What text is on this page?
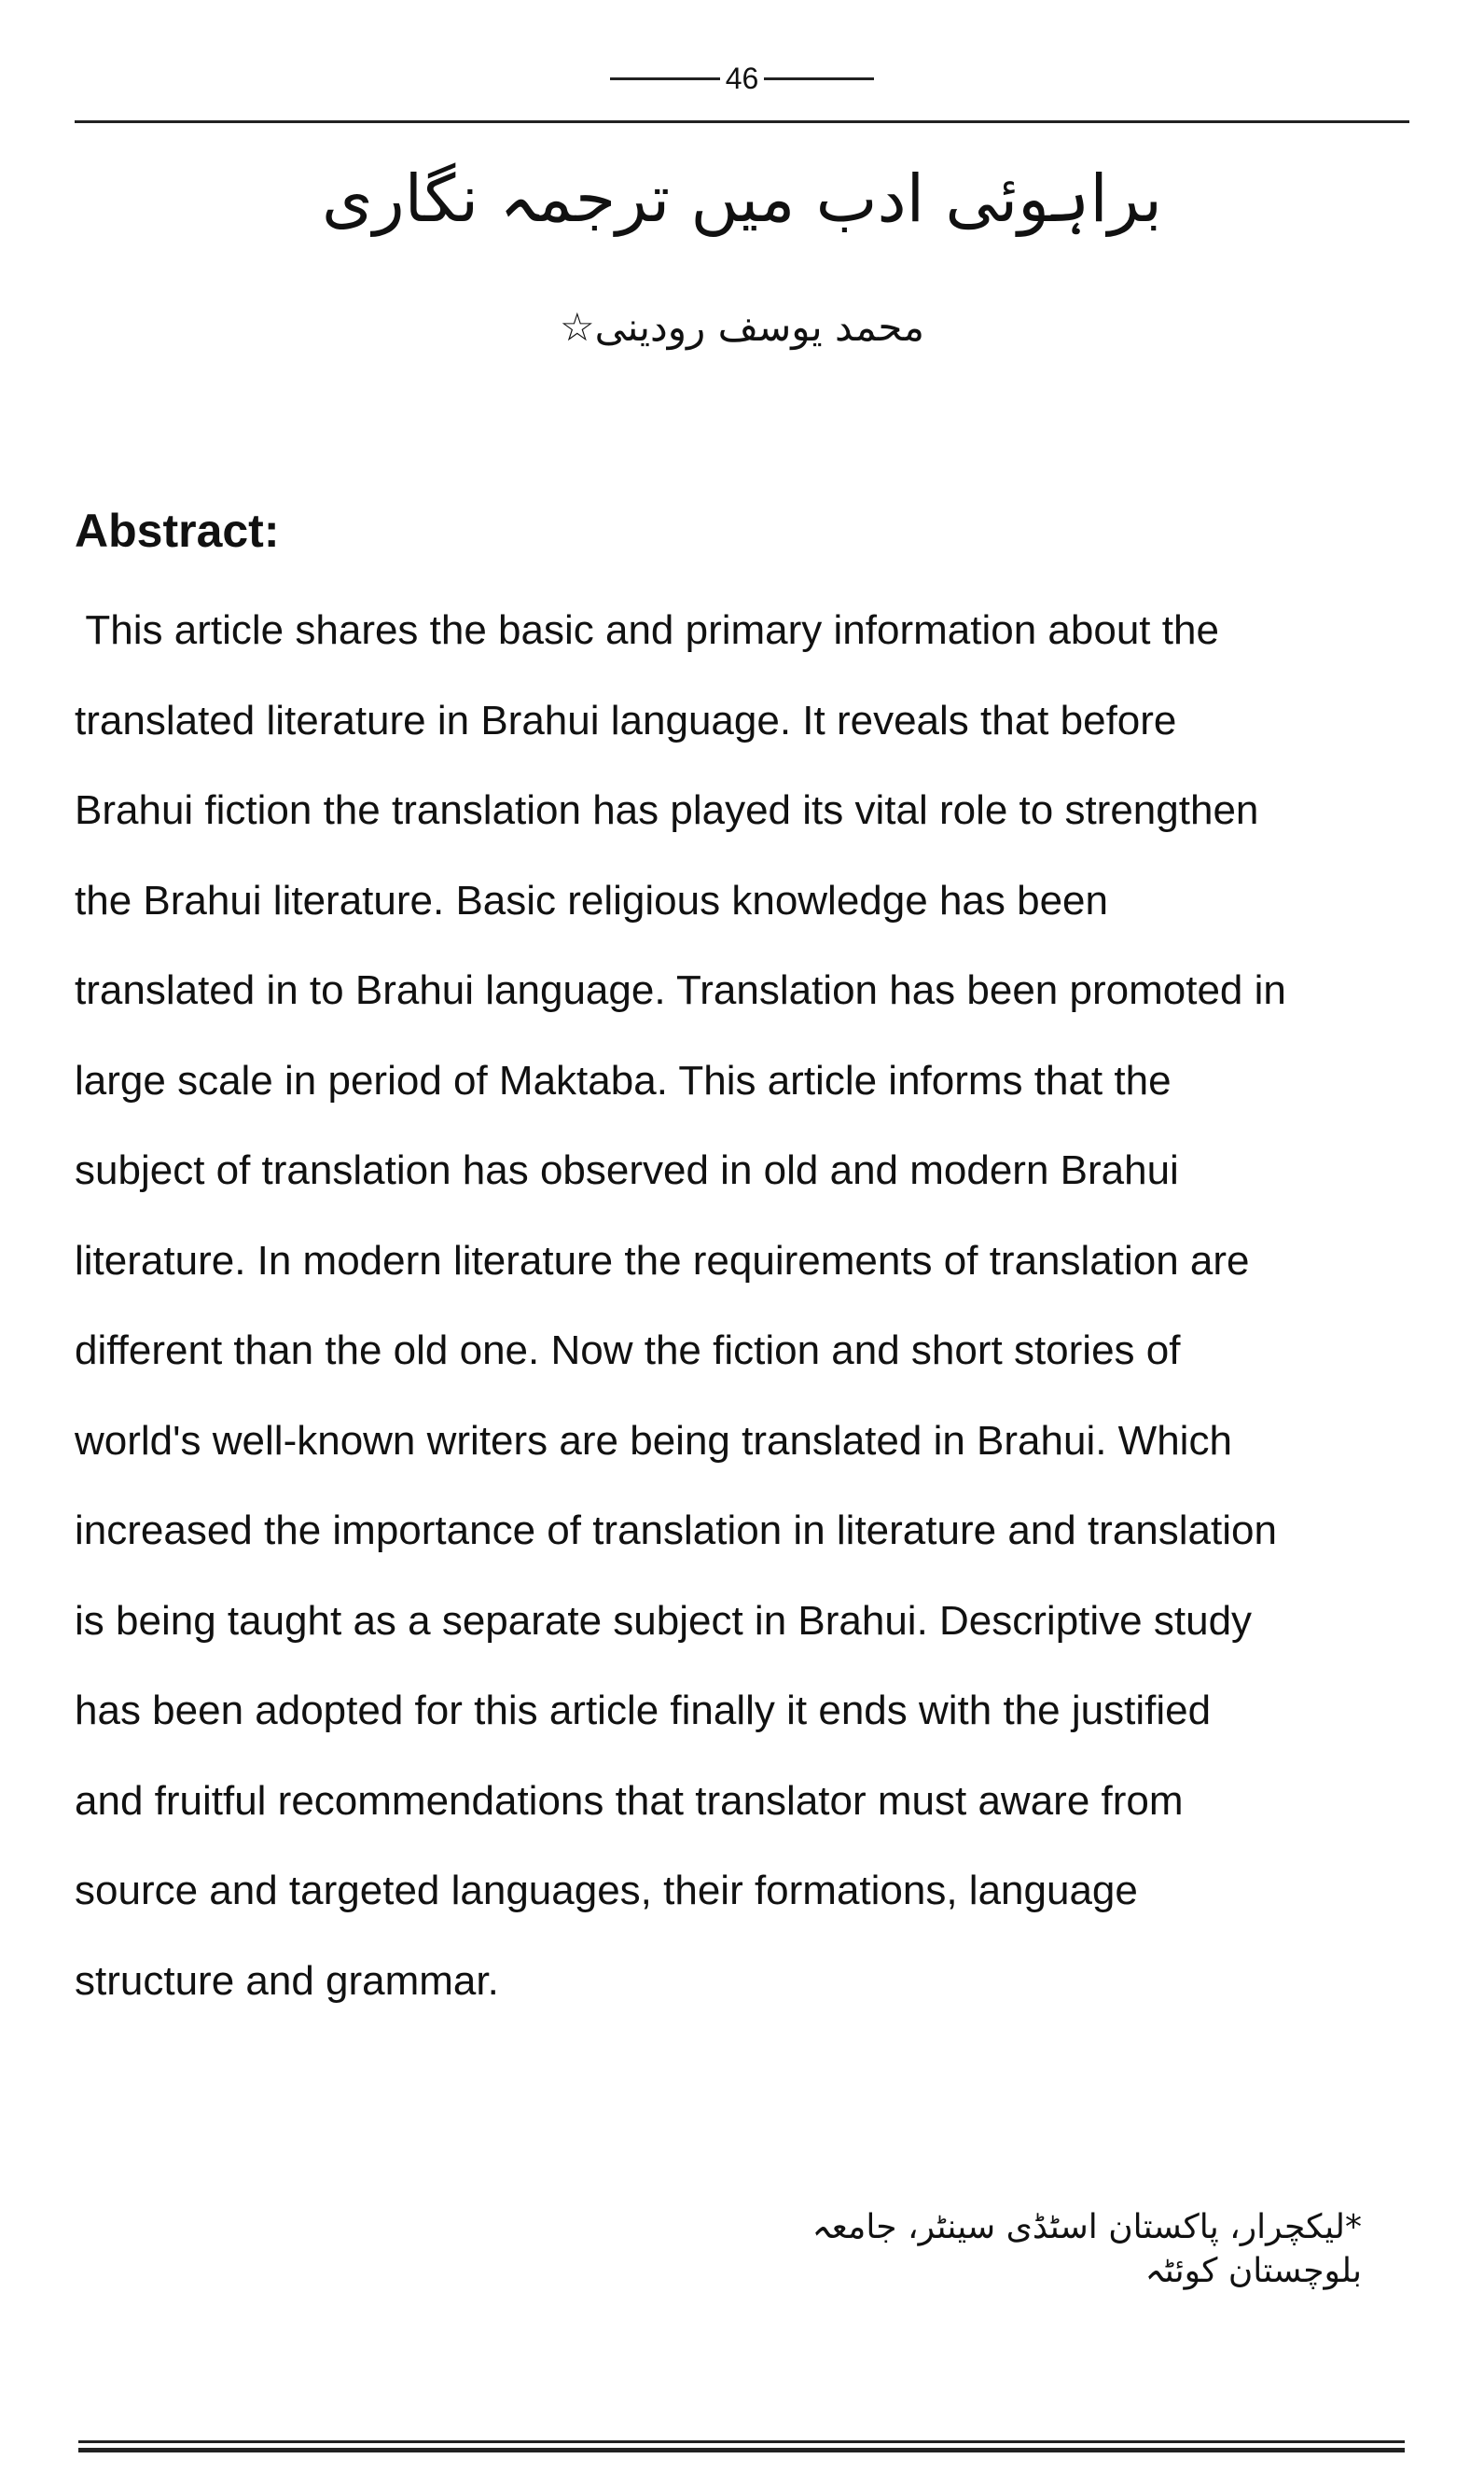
46
براہوئی ادب میں ترجمہ نگاری
محمد یوسف رودینی☆
Abstract:
This article shares the basic and primary information about the
translated literature in Brahui language. It reveals that before
Brahui fiction the translation has played its vital role to strengthen
the Brahui literature. Basic religious knowledge has been
translated in to Brahui language. Translation has been promoted in
large scale in period of Maktaba. This article informs that the
subject of translation has observed in old and modern Brahui
literature. In modern literature the requirements of translation are
different than the old one. Now the fiction and short stories of
world's well-known writers are being translated in Brahui. Which
increased the importance of translation in literature and translation
is being taught as a separate subject in Brahui. Descriptive study
has been adopted for this article finally it ends with the justified
and fruitful recommendations that translator must aware from
source and targeted languages, their formations, language
structure and grammar.
*لیکچرار، پاکستان اسٹڈی سینٹر، جامعہ بلوچستان کوئٹہ
